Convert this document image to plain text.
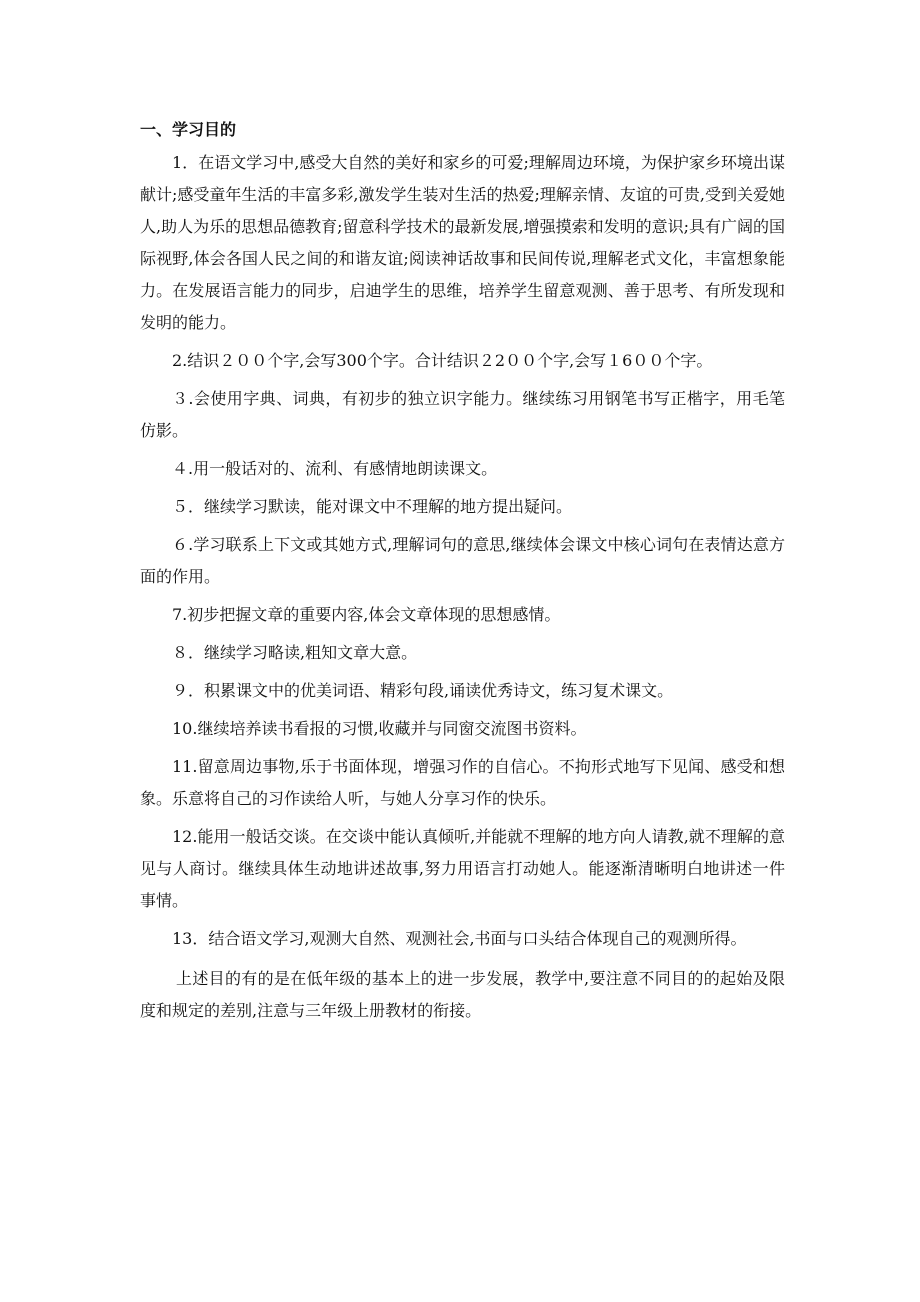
一、学习目的

1．在语文学习中,感受大自然的美好和家乡的可爱;理解周边环境，为保护家乡环境出谋献计;感受童年生活的丰富多彩,激发学生装对生活的热爱;理解亲情、友谊的可贵,受到关爱她人,助人为乐的思想品德教育;留意科学技术的最新发展,增强摸索和发明的意识;具有广阔的国际视野,体会各国人民之间的和谐友谊;阅读神话故事和民间传说,理解老式文化，丰富想象能力。在发展语言能力的同步，启迪学生的思维，培养学生留意观测、善于思考、有所发现和发明的能力。

2.结识２００个字,会写300个字。合计结识２2００个字,会写１6００个字。

３.会使用字典、词典，有初步的独立识字能力。继续练习用钢笔书写正楷字，用毛笔仿影。

４.用一般话对的、流利、有感情地朗读课文。

５．继续学习默读，能对课文中不理解的地方提出疑问。

６.学习联系上下文或其她方式,理解词句的意思,继续体会课文中核心词句在表情达意方面的作用。

7.初步把握文章的重要内容,体会文章体现的思想感情。

８．继续学习略读,粗知文章大意。

９．积累课文中的优美词语、精彩句段,诵读优秀诗文，练习复术课文。

10.继续培养读书看报的习惯,收藏并与同窗交流图书资料。

11.留意周边事物,乐于书面体现，增强习作的自信心。不拘形式地写下见闻、感受和想象。乐意将自己的习作读给人听，与她人分享习作的快乐。

12.能用一般话交谈。在交谈中能认真倾听,并能就不理解的地方向人请教,就不理解的意见与人商讨。继续具体生动地讲述故事,努力用语言打动她人。能逐渐清晰明白地讲述一件事情。

13．结合语文学习,观测大自然、观测社会,书面与口头结合体现自己的观测所得。

上述目的有的是在低年级的基本上的进一步发展，教学中,要注意不同目的的起始及限度和规定的差别,注意与三年级上册教材的衔接。
